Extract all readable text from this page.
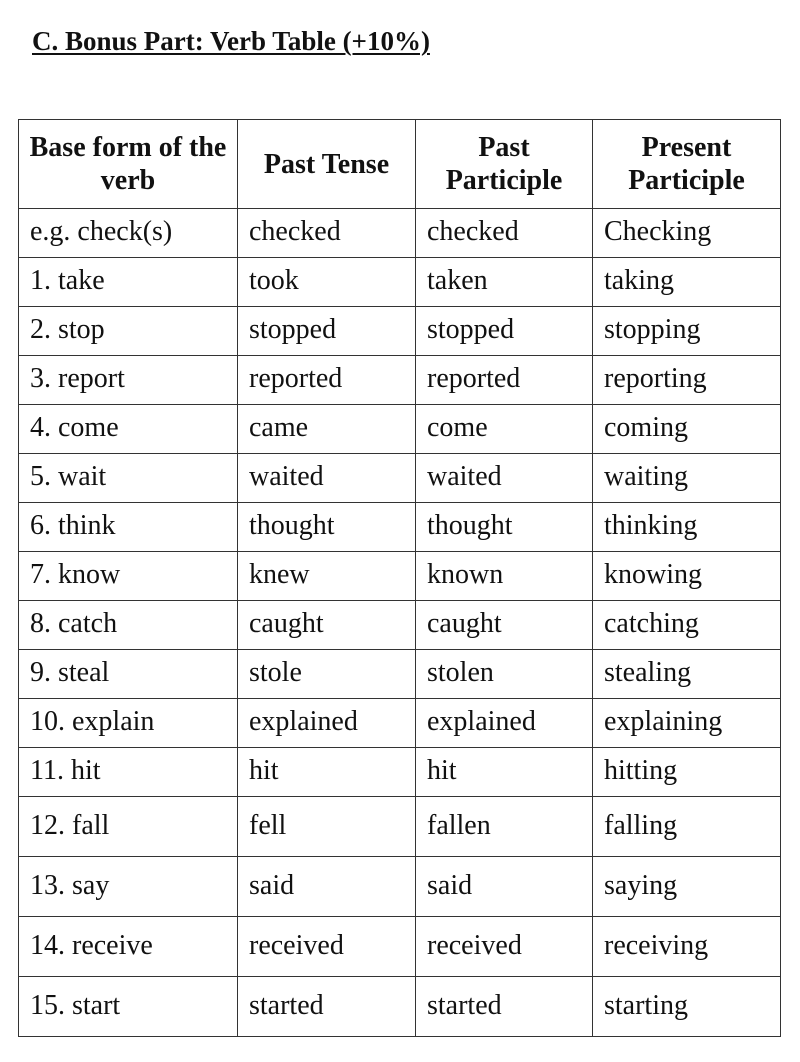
C. Bonus Part: Verb Table (+10%)
Base form of the verb	Past Tense	Past Participle	Present Participle
e.g. check(s)	checked	checked	Checking
1. take	took	taken	taking
2. stop	stopped	stopped	stopping
3. report	reported	reported	reporting
4. come	came	come	coming
5. wait	waited	waited	waiting
6. think	thought	thought	thinking
7. know	knew	known	knowing
8. catch	caught	caught	catching
9. steal	stole	stolen	stealing
10. explain	explained	explained	explaining
11. hit	hit	hit	hitting
12. fall	fell	fallen	falling
13. say	said	said	saying
14. receive	received	received	receiving
15. start	started	started	starting
